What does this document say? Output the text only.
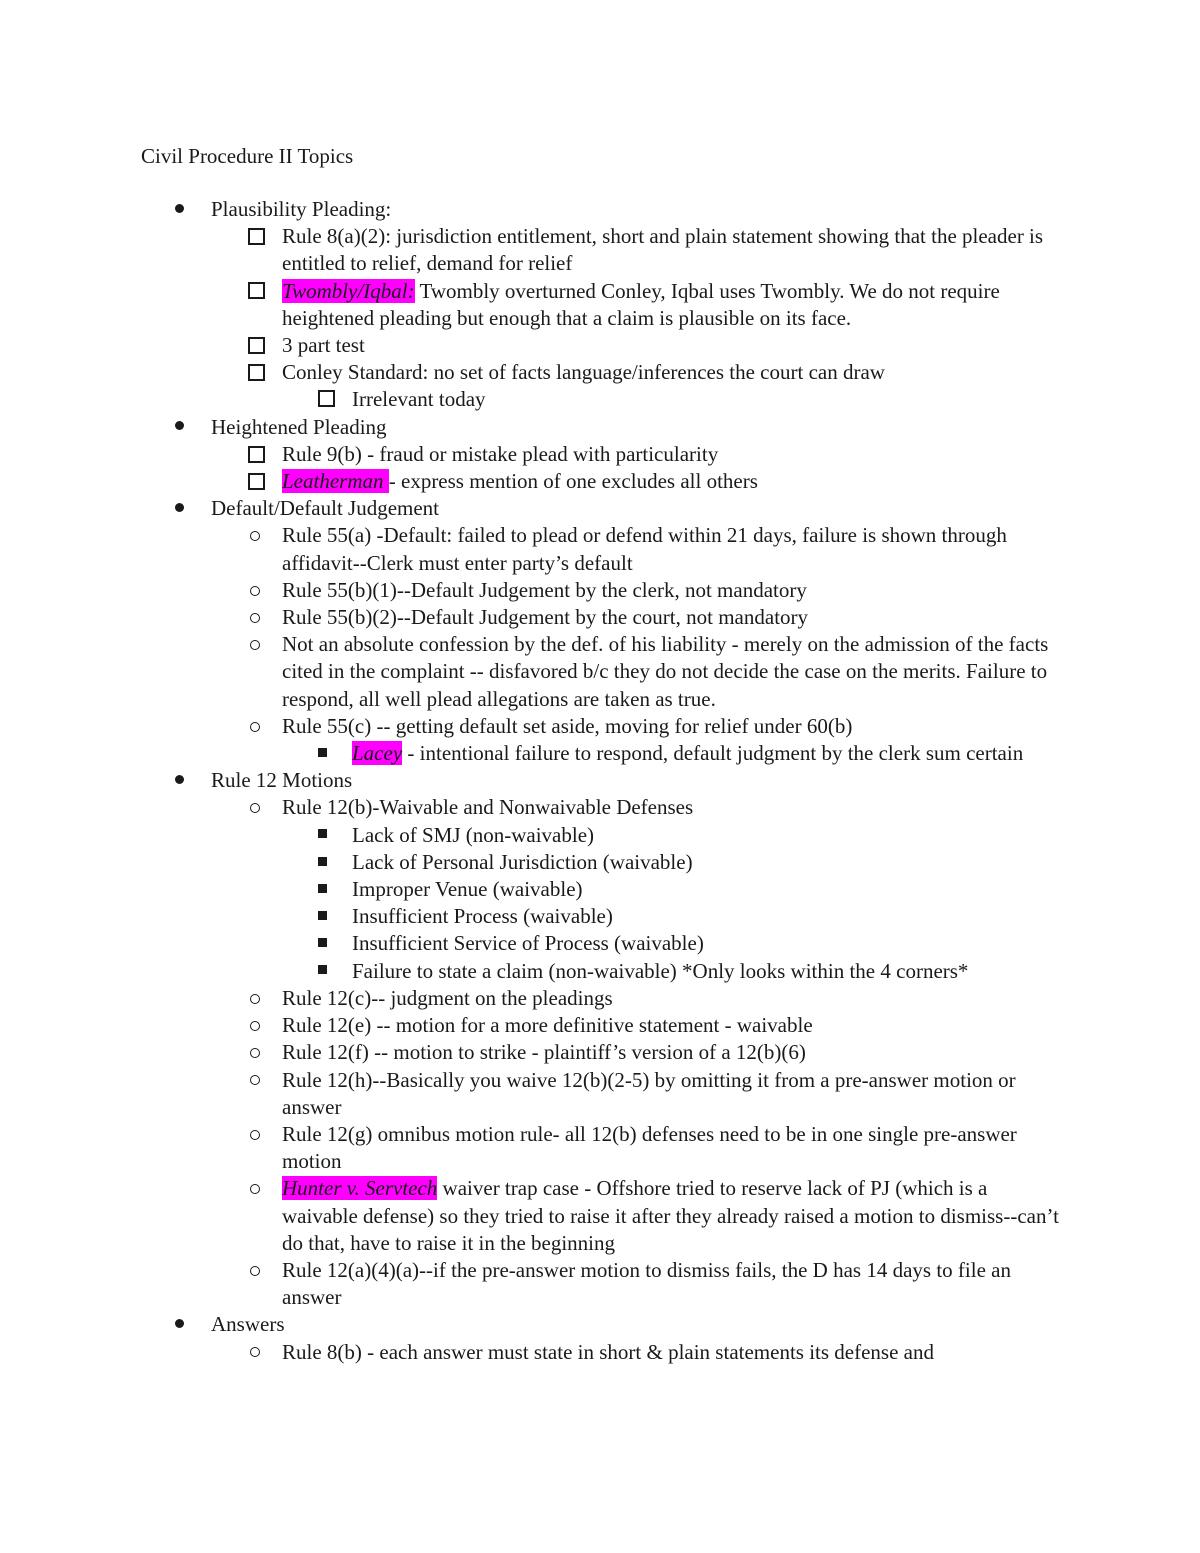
Civil Procedure II Topics
Plausibility Pleading:
Rule 8(a)(2): jurisdiction entitlement, short and plain statement showing that the pleader is entitled to relief, demand for relief
Twombly/Iqbal: Twombly overturned Conley, Iqbal uses Twombly. We do not require heightened pleading but enough that a claim is plausible on its face.
3 part test
Conley Standard: no set of facts language/inferences the court can draw
Irrelevant today
Heightened Pleading
Rule 9(b) - fraud or mistake plead with particularity
Leatherman - express mention of one excludes all others
Default/Default Judgement
Rule 55(a) -Default: failed to plead or defend within 21 days, failure is shown through affidavit--Clerk must enter party’s default
Rule 55(b)(1)--Default Judgement by the clerk, not mandatory
Rule 55(b)(2)--Default Judgement by the court, not mandatory
Not an absolute confession by the def. of his liability - merely on the admission of the facts cited in the complaint -- disfavored b/c they do not decide the case on the merits. Failure to respond, all well plead allegations are taken as true.
Rule 55(c) -- getting default set aside, moving for relief under 60(b)
Lacey - intentional failure to respond, default judgment by the clerk sum certain
Rule 12 Motions
Rule 12(b)-Waivable and Nonwaivable Defenses
Lack of SMJ (non-waivable)
Lack of Personal Jurisdiction (waivable)
Improper Venue (waivable)
Insufficient Process (waivable)
Insufficient Service of Process (waivable)
Failure to state a claim (non-waivable) *Only looks within the 4 corners*
Rule 12(c)-- judgment on the pleadings
Rule 12(e) -- motion for a more definitive statement - waivable
Rule 12(f) -- motion to strike - plaintiff’s version of a 12(b)(6)
Rule 12(h)--Basically you waive 12(b)(2-5) by omitting it from a pre-answer motion or answer
Rule 12(g) omnibus motion rule- all 12(b) defenses need to be in one single pre-answer motion
Hunter v. Servtech waiver trap case - Offshore tried to reserve lack of PJ (which is a waivable defense) so they tried to raise it after they already raised a motion to dismiss--can’t do that, have to raise it in the beginning
Rule 12(a)(4)(a)--if the pre-answer motion to dismiss fails, the D has 14 days to file an answer
Answers
Rule 8(b) - each answer must state in short & plain statements its defense and
